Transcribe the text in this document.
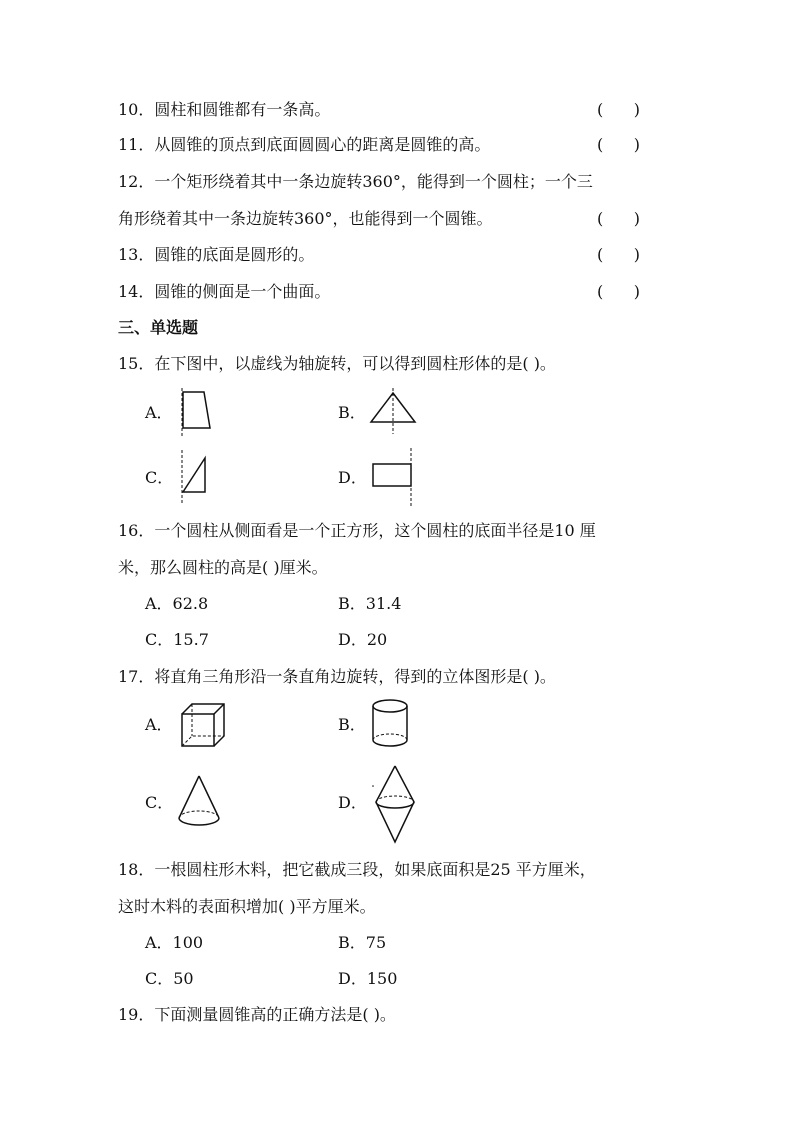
10．圆柱和圆锥都有一条高。	(      )
11．从圆锥的顶点到底面圆圆心的距离是圆锥的高。	(      )
12．一个矩形绕着其中一条边旋转360°，能得到一个圆柱；一个三
角形绕着其中一条边旋转360°，也能得到一个圆锥。	(      )
13．圆锥的底面是圆形的。	(      )
14．圆锥的侧面是一个曲面。	(      )
三、单选题
15．在下图中，以虚线为轴旋转，可以得到圆柱形体的是( )。
A．	B．
C．	D．
16．一个圆柱从侧面看是一个正方形，这个圆柱的底面半径是10 厘
米，那么圆柱的高是( )厘米。
A．62.8	B．31.4
C．15.7	D．20
17．将直角三角形沿一条直角边旋转，得到的立体图形是( )。
A．	B．
C．	D．
18．一根圆柱形木料，把它截成三段，如果底面积是25 平方厘米，
这时木料的表面积增加( )平方厘米。
A．100	B．75
C．50	D．150
19．下面测量圆锥高的正确方法是( )。
